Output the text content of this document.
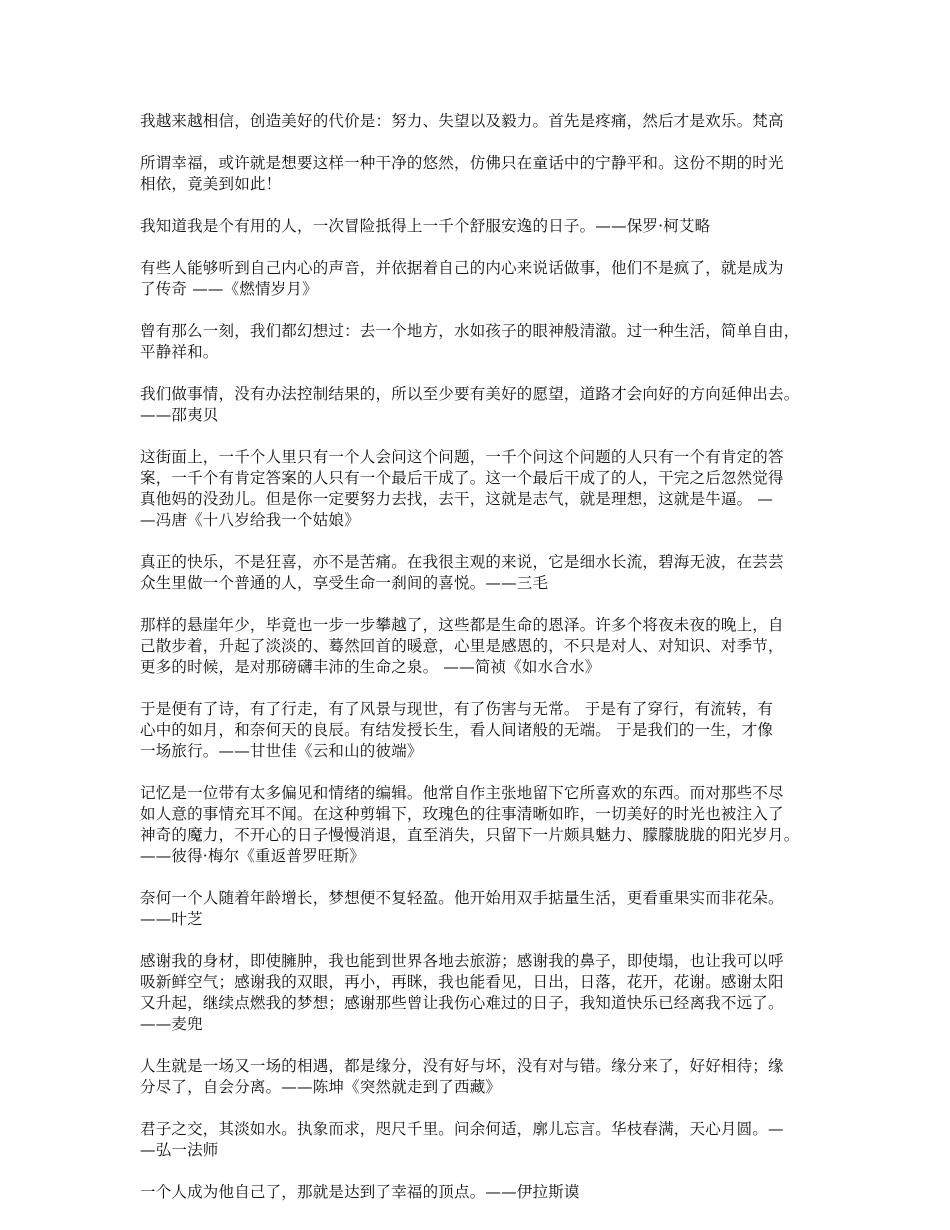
我越来越相信，创造美好的代价是：努力、失望以及毅力。首先是疼痛，然后才是欢乐。梵高

所谓幸福，或许就是想要这样一种干净的悠然，仿佛只在童话中的宁静平和。这份不期的时光
相依，竟美到如此！

我知道我是个有用的人，一次冒险抵得上一千个舒服安逸的日子。——保罗·柯艾略

有些人能够听到自己内心的声音，并依据着自己的内心来说话做事，他们不是疯了，就是成为
了传奇 ——《燃情岁月》

曾有那么一刻，我们都幻想过：去一个地方，水如孩子的眼神般清澈。过一种生活，简单自由，
平静祥和。

我们做事情，没有办法控制结果的，所以至少要有美好的愿望，道路才会向好的方向延伸出去。
——邵夷贝

这街面上，一千个人里只有一个人会问这个问题，一千个问这个问题的人只有一个有肯定的答
案，一千个有肯定答案的人只有一个最后干成了。这一个最后干成了的人，干完之后忽然觉得
真他妈的没劲儿。但是你一定要努力去找，去干，这就是志气，就是理想，这就是牛逼。 —
—冯唐《十八岁给我一个姑娘》

真正的快乐，不是狂喜，亦不是苦痛。在我很主观的来说，它是细水长流，碧海无波，在芸芸
众生里做一个普通的人，享受生命一刹间的喜悦。——三毛

那样的悬崖年少，毕竟也一步一步攀越了，这些都是生命的恩泽。许多个将夜未夜的晚上，自
己散步着，升起了淡淡的、蓦然回首的暖意，心里是感恩的，不只是对人、对知识、对季节，
更多的时候，是对那磅礴丰沛的生命之泉。 ——简祯《如水合水》

于是便有了诗，有了行走，有了风景与现世，有了伤害与无常。 于是有了穿行，有流转，有
心中的如月，和奈何天的良辰。有结发授长生，看人间诸般的无端。 于是我们的一生，才像
一场旅行。——甘世佳《云和山的彼端》

记忆是一位带有太多偏见和情绪的编辑。他常自作主张地留下它所喜欢的东西。而对那些不尽
如人意的事情充耳不闻。在这种剪辑下，玫瑰色的往事清晰如昨，一切美好的时光也被注入了
神奇的魔力，不开心的日子慢慢消退，直至消失，只留下一片颇具魅力、朦朦胧胧的阳光岁月。
——彼得·梅尔《重返普罗旺斯》

奈何一个人随着年龄增长，梦想便不复轻盈。他开始用双手掂量生活，更看重果实而非花朵。
——叶芝

感谢我的身材，即使臃肿，我也能到世界各地去旅游；感谢我的鼻子，即使塌，也让我可以呼
吸新鲜空气；感谢我的双眼，再小，再眯，我也能看见，日出，日落，花开，花谢。感谢太阳
又升起，继续点燃我的梦想；感谢那些曾让我伤心难过的日子，我知道快乐已经离我不远了。
——麦兜

人生就是一场又一场的相遇，都是缘分，没有好与坏，没有对与错。缘分来了，好好相待；缘
分尽了，自会分离。——陈坤《突然就走到了西藏》

君子之交，其淡如水。执象而求，咫尺千里。问余何适，廓儿忘言。华枝春满，天心月圆。—
—弘一法师

一个人成为他自己了，那就是达到了幸福的顶点。——伊拉斯谟
